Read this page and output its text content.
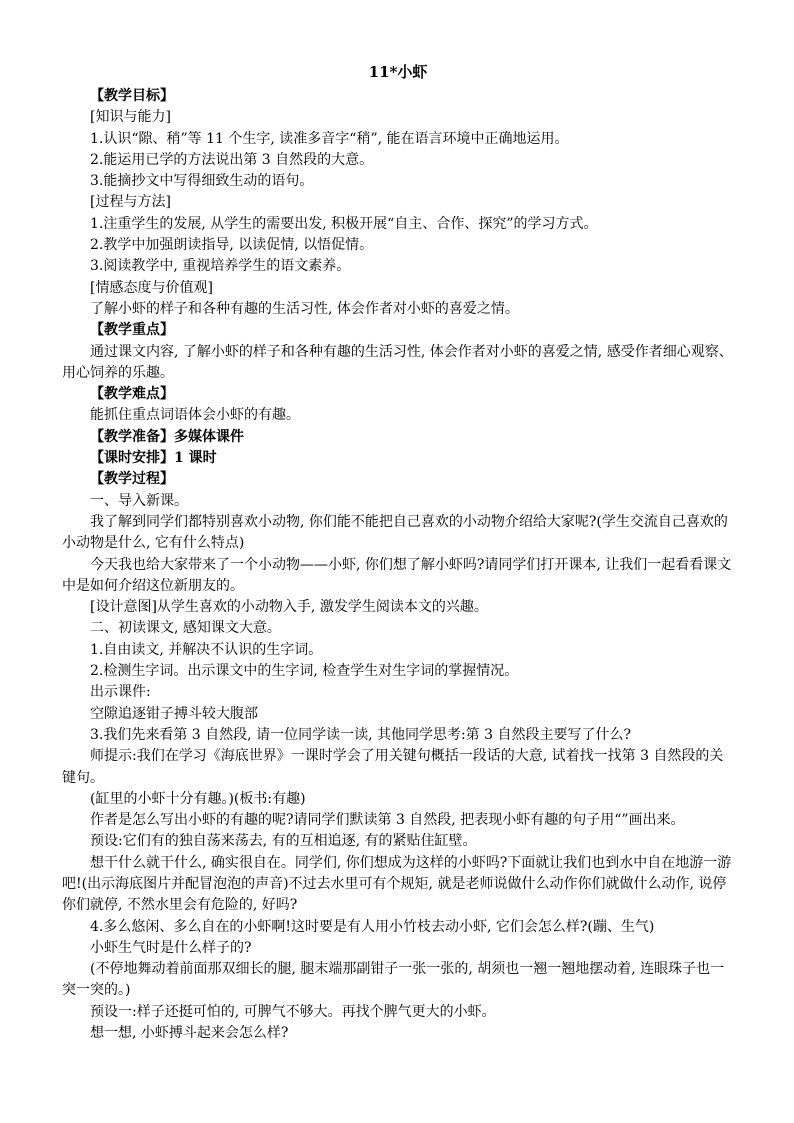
11*小虾

【教学目标】

[知识与能力]

1.认识“隙、稍”等 11 个生字, 读准多音字“稍”, 能在语言环境中正确地运用。

2.能运用已学的方法说出第 3 自然段的大意。

3.能摘抄文中写得细致生动的语句。

[过程与方法]

1.注重学生的发展, 从学生的需要出发, 积极开展“自主、合作、探究”的学习方式。

2.教学中加强朗读指导, 以读促情, 以悟促情。

3.阅读教学中, 重视培养学生的语文素养。

[情感态度与价值观]

了解小虾的样子和各种有趣的生活习性, 体会作者对小虾的喜爱之情。

【教学重点】

通过课文内容, 了解小虾的样子和各种有趣的生活习性, 体会作者对小虾的喜爱之情, 感受作者细心观察、用心饲养的乐趣。

【教学难点】

能抓住重点词语体会小虾的有趣。

【教学准备】多媒体课件

【课时安排】1 课时

【教学过程】

一、导入新课。

我了解到同学们都特别喜欢小动物, 你们能不能把自己喜欢的小动物介绍给大家呢?(学生交流自己喜欢的小动物是什么, 它有什么特点)

今天我也给大家带来了一个小动物——小虾, 你们想了解小虾吗?请同学们打开课本, 让我们一起看看课文中是如何介绍这位新朋友的。

[设计意图]从学生喜欢的小动物入手, 激发学生阅读本文的兴趣。

二、初读课文, 感知课文大意。

1.自由读文, 并解决不认识的生字词。

2.检测生字词。出示课文中的生字词, 检查学生对生字词的掌握情况。

出示课件:

空隙追逐钳子搏斗较大腹部

3.我们先来看第 3 自然段, 请一位同学读一读, 其他同学思考:第 3 自然段主要写了什么?

师提示:我们在学习《海底世界》一课时学会了用关键句概括一段话的大意, 试着找一找第 3 自然段的关键句。

(缸里的小虾十分有趣。)(板书:有趣)

作者是怎么写出小虾的有趣的呢?请同学们默读第 3 自然段, 把表现小虾有趣的句子用“”画出来。

预设:它们有的独自荡来荡去, 有的互相追逐, 有的紧贴住缸壁。

想干什么就干什么, 确实很自在。同学们, 你们想成为这样的小虾吗?下面就让我们也到水中自在地游一游吧!(出示海底图片并配冒泡泡的声音)不过去水里可有个规矩, 就是老师说做什么动作你们就做什么动作, 说停你们就停, 不然水里会有危险的, 好吗?

4.多么悠闲、多么自在的小虾啊!这时要是有人用小竹枝去动小虾, 它们会怎么样?(蹦、生气)

小虾生气时是什么样子的?

(不停地舞动着前面那双细长的腿, 腿末端那副钳子一张一张的, 胡须也一翘一翘地摆动着, 连眼珠子也一突一突的。)

预设一:样子还挺可怕的, 可脾气不够大。再找个脾气更大的小虾。

想一想, 小虾搏斗起来会怎么样?
